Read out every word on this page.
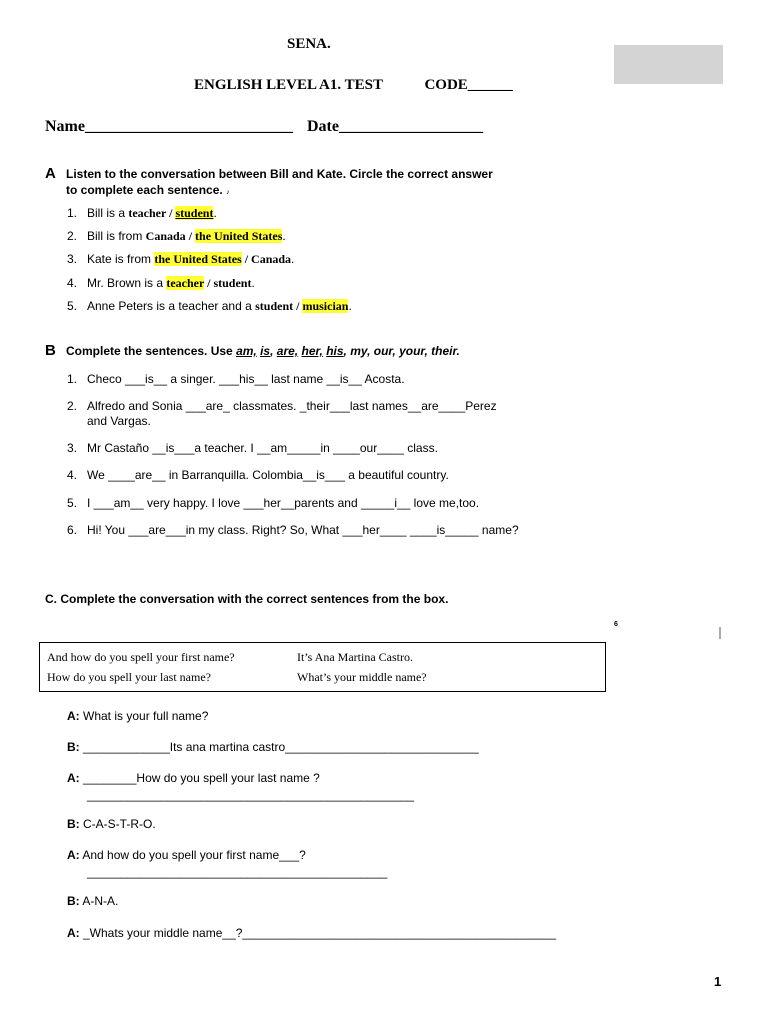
SENA.
ENGLISH LEVEL A1. TEST	CODE______
Name__________________________ Date__________________
A Listen to the conversation between Bill and Kate. Circle the correct answer
to complete each sentence. ♪
1. Bill is a teacher / student.
2. Bill is from Canada / the United States.
3. Kate is from the United States / Canada.
4. Mr. Brown is a teacher / student.
5. Anne Peters is a teacher and a student / musician.
B Complete the sentences. Use am, is, are, her, his, my, our, your, their.
1. Checo ___is__ a singer. ___his__ last name __is__ Acosta.
2. Alfredo and Sonia ___are_ classmates. _their___last names__are____Perez
and Vargas.
3. Mr Castaño __is___a teacher. I __am_____in ____our____ class.
4. We ____are__ in Barranquilla. Colombia__is___ a beautiful country.
5. I ___am__ very happy. I love ___her__parents and _____i__ love me,too.
6. Hi! You ___are___in my class. Right? So, What ___her____ ____is_____ name?
C. Complete the conversation with the correct sentences from the box.
6
And how do you spell your first name?	It’s Ana Martina Castro.
How do you spell your last name?	What’s your middle name?
A: What is your full name?
B: _____________Its ana martina castro_____________________________
A: ________How do you spell your last name ?
_________________________________________________
B: C-A-S-T-R-O.
A: And how do you spell your first name___?
_____________________________________________
B: A-N-A.
A: _Whats your middle name__?_______________________________________________
1
